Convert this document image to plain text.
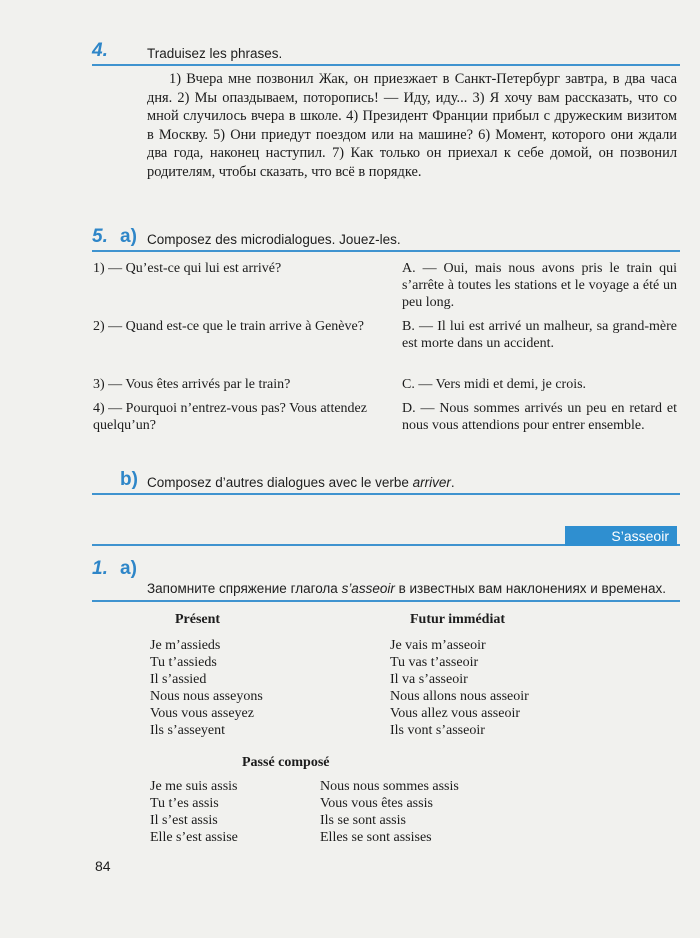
4.	Traduisez les phrases.
1) Вчера мне позвонил Жак, он приезжает в Санкт-Петербург завтра, в два часа дня. 2) Мы опаздываем, поторопись! — Иду, иду... 3) Я хочу вам рассказать, что со мной случилось вчера в школе. 4) Президент Франции прибыл с дружеским визитом в Москву. 5) Они приедут поездом или на машине? 6) Момент, которого они ждали два года, наконец наступил. 7) Как только он приехал к себе домой, он позвонил родителям, чтобы сказать, что всё в порядке.
5. a) Composez des microdialogues. Jouez-les.
1) — Qu’est-ce qui lui est arrivé?
2) — Quand est-ce que le train arrive à Genève?
3) — Vous êtes arrivés par le train?
4) — Pourquoi n’entrez-vous pas? Vous attendez quelqu’un?
A. — Oui, mais nous avons pris le train qui s’arrête à toutes les stations et le voyage a été un peu long.
B. — Il lui est arrivé un malheur, sa grand-mère est morte dans un accident.
C. — Vers midi et demi, je crois.
D. — Nous sommes arrivés un peu en retard et nous vous attendions pour entrer ensemble.
b) Composez d’autres dialogues avec le verbe arriver.
S’asseoir
1. a)
Запомните спряжение глагола s’asseoir в известных вам наклонениях и временах.
Présent	Futur immédiat
Je m’assieds
Tu t’assieds
Il s’assied
Nous nous asseyons
Vous vous asseyez
Ils s’asseyent
Je vais m’asseoir
Tu vas t’asseoir
Il va s’asseoir
Nous allons nous asseoir
Vous allez vous asseoir
Ils vont s’asseoir
Passé composé
Je me suis assis
Tu t’es assis
Il s’est assis
Elle s’est assise
Nous nous sommes assis
Vous vous êtes assis
Ils se sont assis
Elles se sont assises
84
